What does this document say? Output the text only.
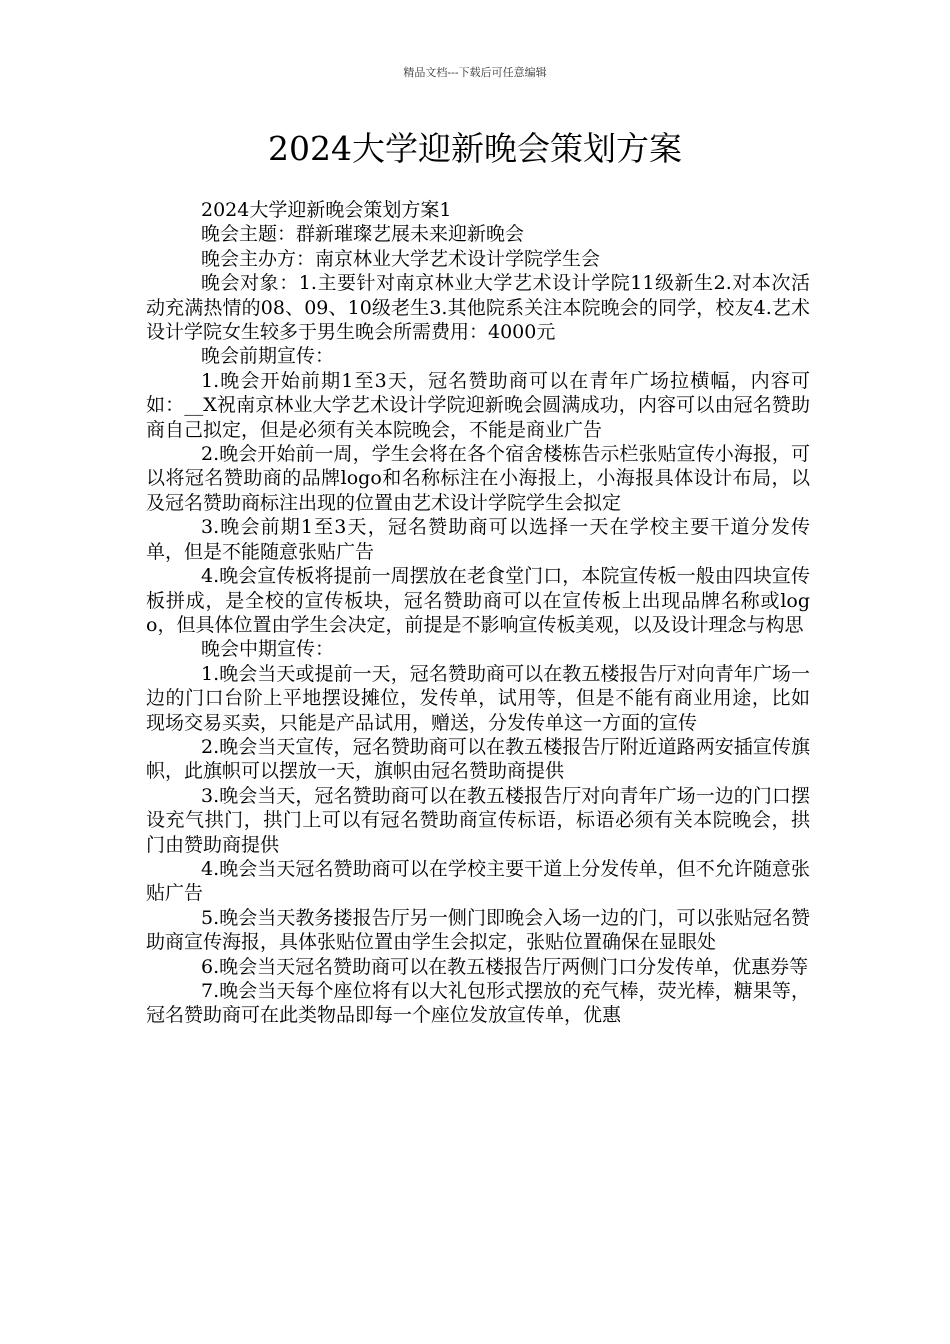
精品文档---下载后可任意编辑
2024大学迎新晚会策划方案

2024大学迎新晚会策划方案1

晚会主题：群新璀璨艺展未来迎新晚会

晚会主办方：南京林业大学艺术设计学院学生会

晚会对象：1.主要针对南京林业大学艺术设计学院11级新生2.对本次活动充满热情的08、09、10级老生3.其他院系关注本院晚会的同学，校友4.艺术设计学院女生较多于男生晚会所需费用：4000元

晚会前期宣传：

1.晚会开始前期1至3天，冠名赞助商可以在青年广场拉横幅，内容可如：__X祝南京林业大学艺术设计学院迎新晚会圆满成功，内容可以由冠名赞助商自己拟定，但是必须有关本院晚会，不能是商业广告

2.晚会开始前一周，学生会将在各个宿舍楼栋告示栏张贴宣传小海报，可以将冠名赞助商的品牌logo和名称标注在小海报上，小海报具体设计布局，以及冠名赞助商标注出现的位置由艺术设计学院学生会拟定

3.晚会前期1至3天，冠名赞助商可以选择一天在学校主要干道分发传单，但是不能随意张贴广告

4.晚会宣传板将提前一周摆放在老食堂门口，本院宣传板一般由四块宣传板拼成，是全校的宣传板块，冠名赞助商可以在宣传板上出现品牌名称或logo，但具体位置由学生会决定，前提是不影响宣传板美观，以及设计理念与构思

晚会中期宣传：

1.晚会当天或提前一天，冠名赞助商可以在教五楼报告厅对向青年广场一边的门口台阶上平地摆设摊位，发传单，试用等，但是不能有商业用途，比如现场交易买卖，只能是产品试用，赠送，分发传单这一方面的宣传

2.晚会当天宣传，冠名赞助商可以在教五楼报告厅附近道路两安插宣传旗帜，此旗帜可以摆放一天，旗帜由冠名赞助商提供

3.晚会当天，冠名赞助商可以在教五楼报告厅对向青年广场一边的门口摆设充气拱门，拱门上可以有冠名赞助商宣传标语，标语必须有关本院晚会，拱门由赞助商提供

4.晚会当天冠名赞助商可以在学校主要干道上分发传单，但不允许随意张贴广告

5.晚会当天教务搂报告厅另一侧门即晚会入场一边的门，可以张贴冠名赞助商宣传海报，具体张贴位置由学生会拟定，张贴位置确保在显眼处

6.晚会当天冠名赞助商可以在教五楼报告厅两侧门口分发传单，优惠券等

7.晚会当天每个座位将有以大礼包形式摆放的充气棒，荧光棒，糖果等，冠名赞助商可在此类物品即每一个座位发放宣传单，优惠
